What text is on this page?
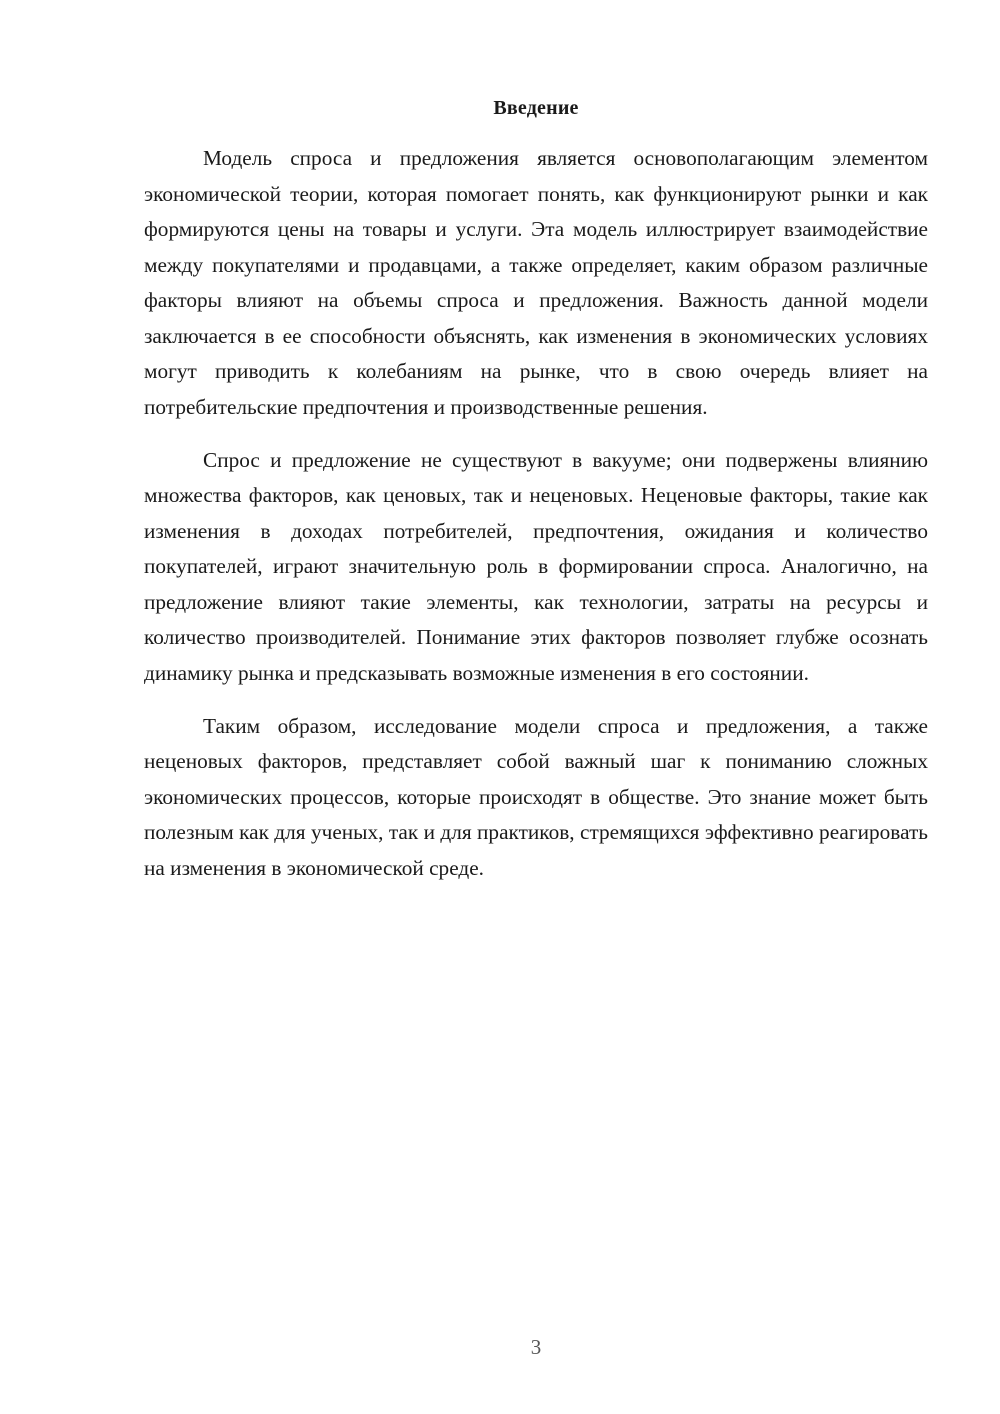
Введение

Модель спроса и предложения является основополагающим элементом экономической теории, которая помогает понять, как функционируют рынки и как формируются цены на товары и услуги. Эта модель иллюстрирует взаимодействие между покупателями и продавцами, а также определяет, каким образом различные факторы влияют на объемы спроса и предложения. Важность данной модели заключается в ее способности объяснять, как изменения в экономических условиях могут приводить к колебаниям на рынке, что в свою очередь влияет на потребительские предпочтения и производственные решения.

Спрос и предложение не существуют в вакууме; они подвержены влиянию множества факторов, как ценовых, так и неценовых. Неценовые факторы, такие как изменения в доходах потребителей, предпочтения, ожидания и количество покупателей, играют значительную роль в формировании спроса. Аналогично, на предложение влияют такие элементы, как технологии, затраты на ресурсы и количество производителей. Понимание этих факторов позволяет глубже осознать динамику рынка и предсказывать возможные изменения в его состоянии.

Таким образом, исследование модели спроса и предложения, а также неценовых факторов, представляет собой важный шаг к пониманию сложных экономических процессов, которые происходят в обществе. Это знание может быть полезным как для ученых, так и для практиков, стремящихся эффективно реагировать на изменения в экономической среде.

3
